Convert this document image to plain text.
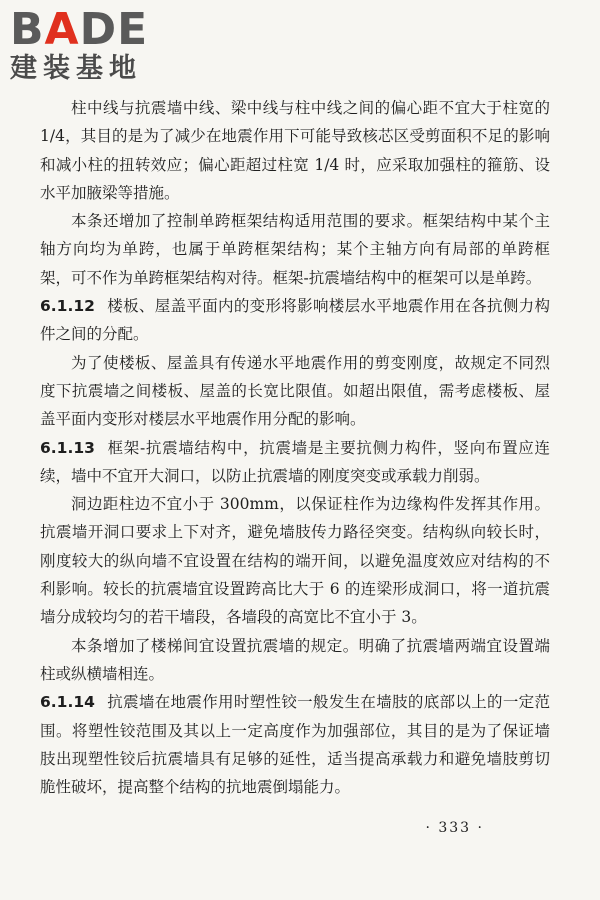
BADE
建装基地

柱中线与抗震墙中线、梁中线与柱中线之间的偏心距不宜大于柱宽的 1/4，其目的是为了减少在地震作用下可能导致核芯区受剪面积不足的影响和减小柱的扭转效应；偏心距超过柱宽 1/4 时，应采取加强柱的箍筋、设水平加腋梁等措施。

本条还增加了控制单跨框架结构适用范围的要求。框架结构中某个主轴方向均为单跨，也属于单跨框架结构；某个主轴方向有局部的单跨框架，可不作为单跨框架结构对待。框架-抗震墙结构中的框架可以是单跨。

6.1.12 楼板、屋盖平面内的变形将影响楼层水平地震作用在各抗侧力构件之间的分配。

为了使楼板、屋盖具有传递水平地震作用的剪变刚度，故规定不同烈度下抗震墙之间楼板、屋盖的长宽比限值。如超出限值，需考虑楼板、屋盖平面内变形对楼层水平地震作用分配的影响。

6.1.13 框架-抗震墙结构中，抗震墙是主要抗侧力构件，竖向布置应连续，墙中不宜开大洞口，以防止抗震墙的刚度突变或承载力削弱。

洞边距柱边不宜小于 300mm，以保证柱作为边缘构件发挥其作用。抗震墙开洞口要求上下对齐，避免墙肢传力路径突变。结构纵向较长时，刚度较大的纵向墙不宜设置在结构的端开间，以避免温度效应对结构的不利影响。较长的抗震墙宜设置跨高比大于 6 的连梁形成洞口，将一道抗震墙分成较均匀的若干墙段，各墙段的高宽比不宜小于 3。

本条增加了楼梯间宜设置抗震墙的规定。明确了抗震墙两端宜设置端柱或纵横墙相连。

6.1.14 抗震墙在地震作用时塑性铰一般发生在墙肢的底部以上的一定范围。将塑性铰范围及其以上一定高度作为加强部位，其目的是为了保证墙肢出现塑性铰后抗震墙具有足够的延性，适当提高承载力和避免墙肢剪切脆性破坏，提高整个结构的抗地震倒塌能力。

· 333 ·
